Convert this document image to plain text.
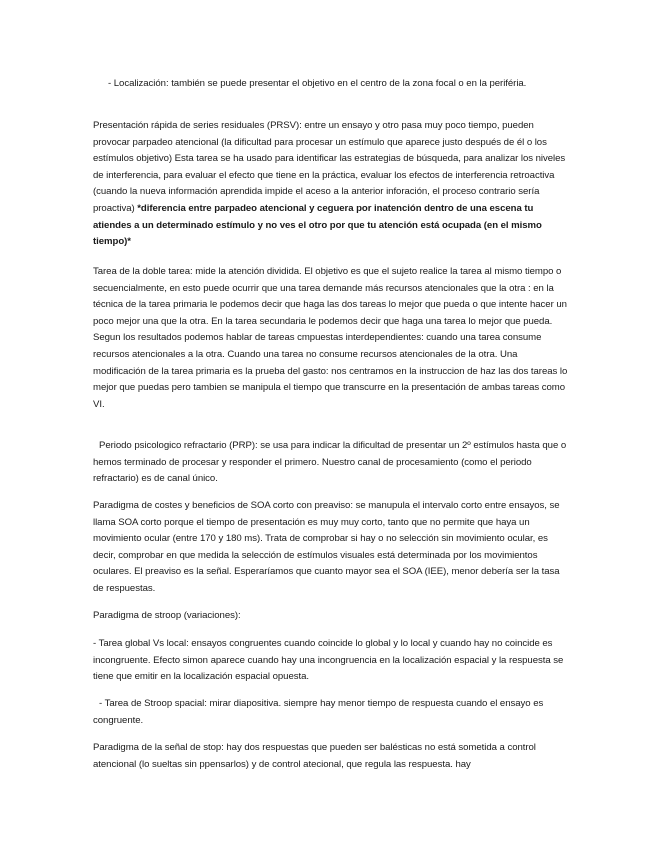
- Localización: también se puede presentar el objetivo en el centro de la zona focal o en la periféria.

Presentación rápida de series residuales (PRSV): entre un ensayo y otro pasa muy poco tiempo, pueden provocar parpadeo atencional (la dificultad para procesar un estímulo que aparece justo después de él o los estímulos objetivo) Esta tarea se ha usado para identificar las estrategias de búsqueda, para analizar los niveles de interferencia, para evaluar el efecto que tiene en la práctica, evaluar los efectos de interferencia retroactiva (cuando la nueva información aprendida impide el aceso a la anterior inforación, el proceso contrario sería proactiva) *diferencia entre parpadeo atencional y ceguera por inatención dentro de una escena tu atiendes a un determinado estímulo y no ves el otro por que tu atención está ocupada (en el mismo tiempo)*

Tarea de la doble tarea: mide la atención dividida. El objetivo es que el sujeto realice la tarea al mismo tiempo o secuencialmente, en esto puede ocurrir que una tarea demande más recursos atencionales que la otra : en la técnica de la tarea primaria le podemos decir que haga las dos tareas lo mejor que pueda o que intente hacer un poco mejor una que la otra. En la tarea secundaria le podemos decir que haga una tarea lo mejor que pueda. Segun los resultados podemos hablar de tareas cmpuestas interdependientes: cuando una tarea consume recursos atencionales a la otra. Cuando una tarea no consume recursos atencionales de la otra. Una modificación de la tarea primaria es la prueba del gasto: nos centramos en la instruccion de haz las dos tareas lo mejor que puedas pero tambien se manipula el tiempo que transcurre en la presentación de ambas tareas como VI.

Periodo psicologico refractario (PRP): se usa para indicar la dificultad de presentar un 2º estímulos hasta que o hemos terminado de procesar y responder el primero. Nuestro canal de procesamiento (como el periodo refractario) es de canal único.

Paradigma de costes y beneficios de SOA corto con preaviso: se manupula el intervalo corto entre ensayos, se llama SOA corto porque el tiempo de presentación es muy muy corto, tanto que no permite que haya un movimiento ocular (entre 170 y 180 ms). Trata de comprobar si hay o no selección sin movimiento ocular, es decir, comprobar en que medida la selección de estímulos visuales está determinada por los movimientos oculares. El preaviso es la señal. Esperaríamos que cuanto mayor sea el SOA (IEE), menor debería ser la tasa de respuestas.

Paradigma de stroop (variaciones):

- Tarea global Vs local: ensayos congruentes cuando coincide lo global y lo local y cuando hay no coincide es incongruente. Efecto simon aparece cuando hay una incongruencia en la localización espacial y la respuesta se tiene que emitir en la localización espacial opuesta.

- Tarea de Stroop spacial: mirar diapositiva. siempre hay menor tiempo de respuesta cuando el ensayo es congruente.

Paradigma de la señal de stop: hay dos respuestas que pueden ser balésticas no está sometida a control atencional (lo sueltas sin ppensarlos) y de control atecional, que regula las respuesta. hay
